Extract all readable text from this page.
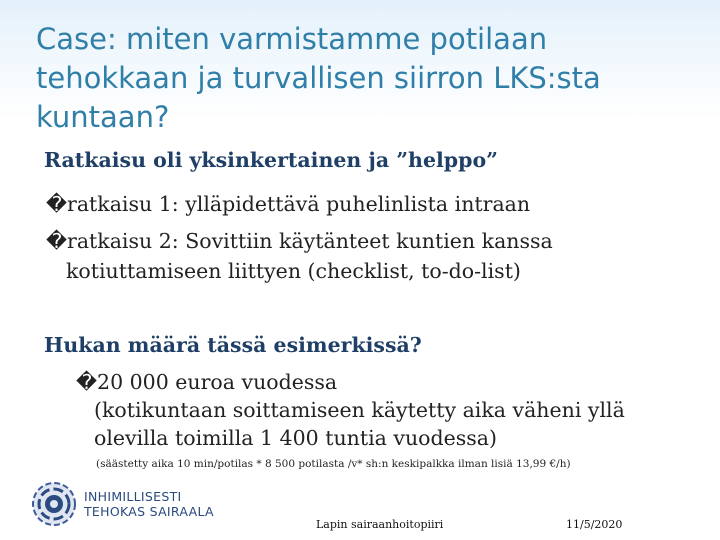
Case: miten varmistamme potilaan
tehokkaan ja turvallisen siirron LKS:sta
kuntaan?
Ratkaisu oli yksinkertainen ja ”helppo”
�ratkaisu 1: ylläpidettävä puhelinlista intraan
�ratkaisu 2: Sovittiin käytänteet kuntien kanssa
kotiuttamiseen liittyen (checklist, to-do-list)
Hukan määrä tässä esimerkissä?
�20 000 euroa vuodessa
(kotikuntaan soittamiseen käytetty aika väheni yllä
olevilla toimilla 1 400 tuntia vuodessa)
(säästetty aika 10 min/potilas * 8 500 potilasta /v* sh:n keskipalkka ilman lisiä 13,99 €/h)
INHIMILLISESTI
TEHOKAS SAIRAALA
Lapin sairaanhoitopiiri	11/5/2020
